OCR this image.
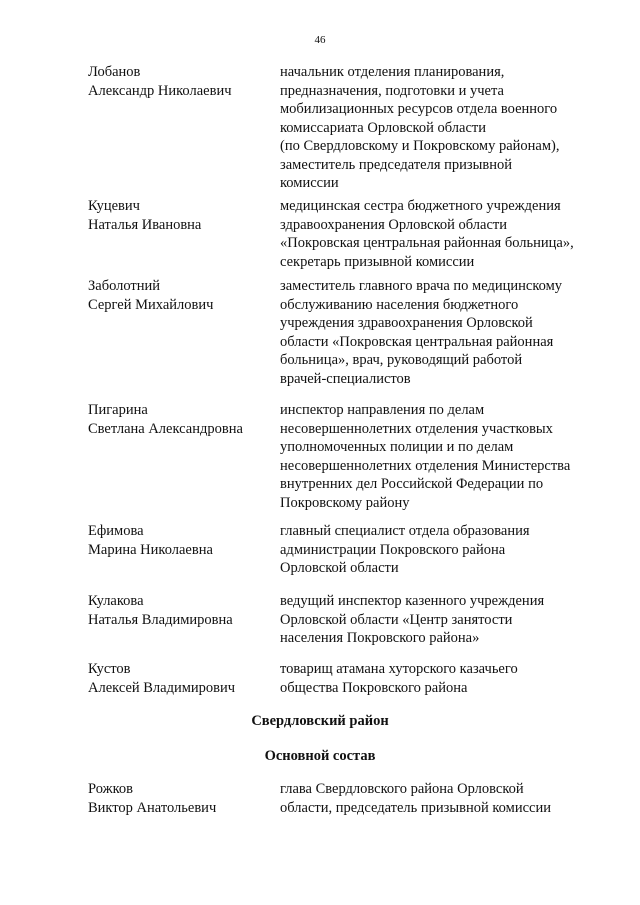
46
Лобанов
Александр Николаевич
начальник отделения планирования,
предназначения, подготовки и учета
мобилизационных ресурсов отдела военного
комиссариата Орловской области
(по Свердловскому и Покровскому районам),
заместитель председателя призывной
комиссии
Куцевич
Наталья Ивановна
медицинская сестра бюджетного учреждения
здравоохранения Орловской области
«Покровская центральная районная больница»,
секретарь призывной комиссии
Заболотний
Сергей Михайлович
заместитель главного врача по медицинскому
обслуживанию населения бюджетного
учреждения здравоохранения Орловской
области «Покровская центральная районная
больница», врач, руководящий работой
врачей-специалистов
Пигарина
Светлана Александровна
инспектор направления по делам
несовершеннолетних отделения участковых
уполномоченных полиции и по делам
несовершеннолетних отделения Министерства
внутренних дел Российской Федерации по
Покровскому району
Ефимова
Марина Николаевна
главный специалист отдела образования
администрации Покровского района
Орловской области
Кулакова
Наталья Владимировна
ведущий инспектор казенного учреждения
Орловской области «Центр занятости
населения Покровского района»
Кустов
Алексей Владимирович
товарищ атамана хуторского казачьего
общества Покровского района
Свердловский район
Основной состав
Рожков
Виктор Анатольевич
глава Свердловского района Орловской
области, председатель призывной комиссии
